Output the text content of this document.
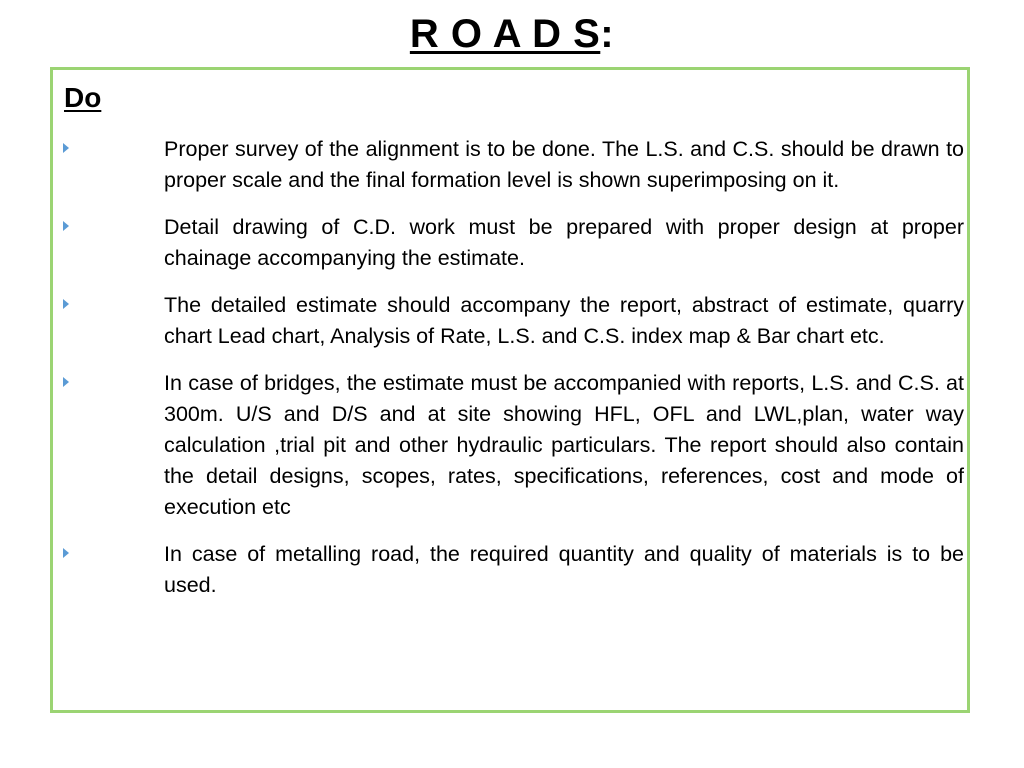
R O A D S:
Do
Proper survey of the alignment is to be done. The L.S. and C.S. should be drawn to proper scale and the final formation level is shown superimposing on it.
Detail drawing of C.D. work must be prepared with proper design at proper chainage accompanying the estimate.
The detailed estimate should accompany the report, abstract of estimate, quarry chart Lead chart, Analysis of Rate, L.S. and C.S. index map & Bar chart etc.
In case of bridges, the estimate must be accompanied with reports, L.S. and C.S. at 300m. U/S and D/S and at site showing HFL, OFL and LWL,plan, water way calculation ,trial pit and other hydraulic particulars. The report should also contain the detail designs, scopes, rates, specifications, references, cost and mode of execution etc
In case of metalling road, the required quantity and quality of materials is to be used.
